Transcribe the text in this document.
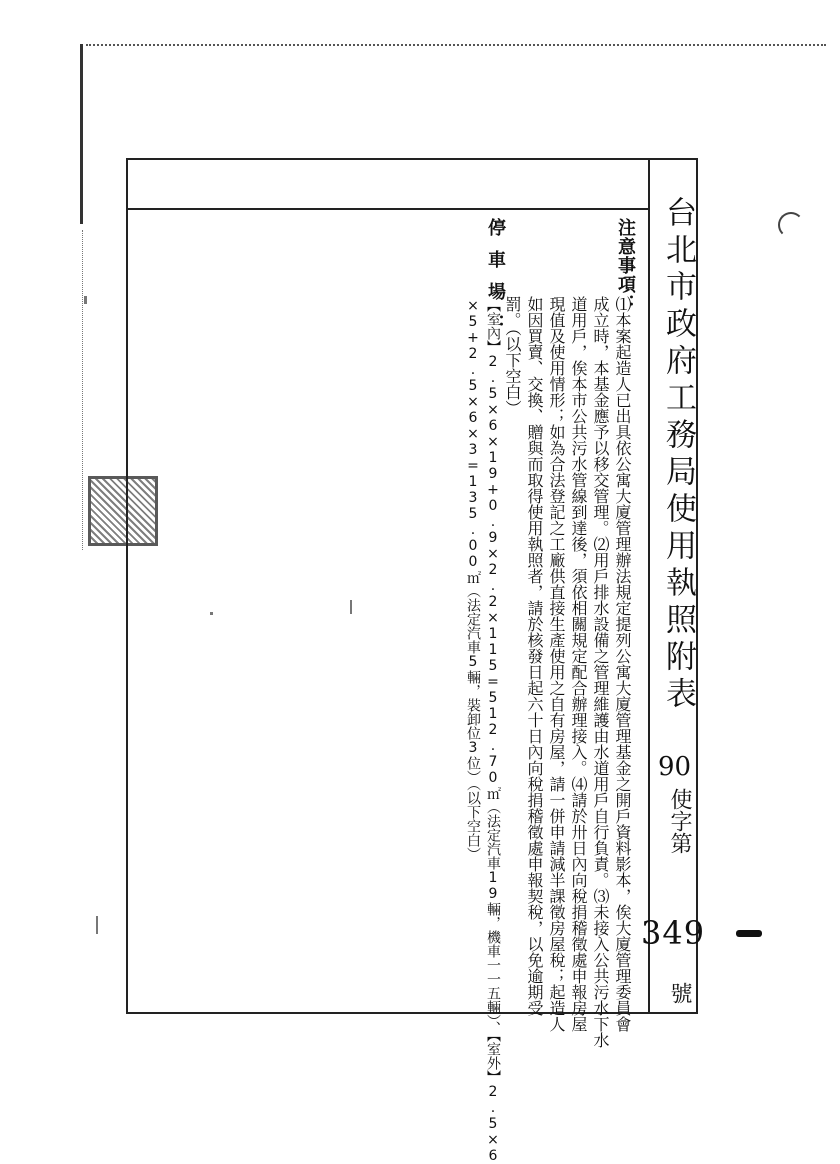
台北市政府工務局使用執照附表
90
使字第
349
號
注意事項：
⑴本案起造人已出具依公寓大廈管理辦法規定提列公寓大廈管理基金之開戶資料影本，俟大廈管理委員會
成立時，本基金應予以移交管理。⑵用戶排水設備之管理維護由水道用戶自行負責。⑶未接入公共污水下水
道用戶，俟本市公共污水管線到達後，須依相關規定配合辦理接入。⑷請於卅日內向稅捐稽徵處申報房屋
現值及使用情形；如為合法登記之工廠供直接生產使用之自有房屋，請一併申請減半課徵房屋稅；起造人
如因買賣、交換、贈與而取得使用執照者，請於核發日起六十日內向稅捐稽徵處申報契稅，以免逾期受
罰。（以下空白）
停車場：
【室內】2.5×6×19+0.9×2.2×115=512.70㎡（法定汽車19輛，機車一一五輛）、【室外】2.5×6
×5+2.5×6×3=135.00㎡（法定汽車5輛，裝卸位3位）（以下空白）
